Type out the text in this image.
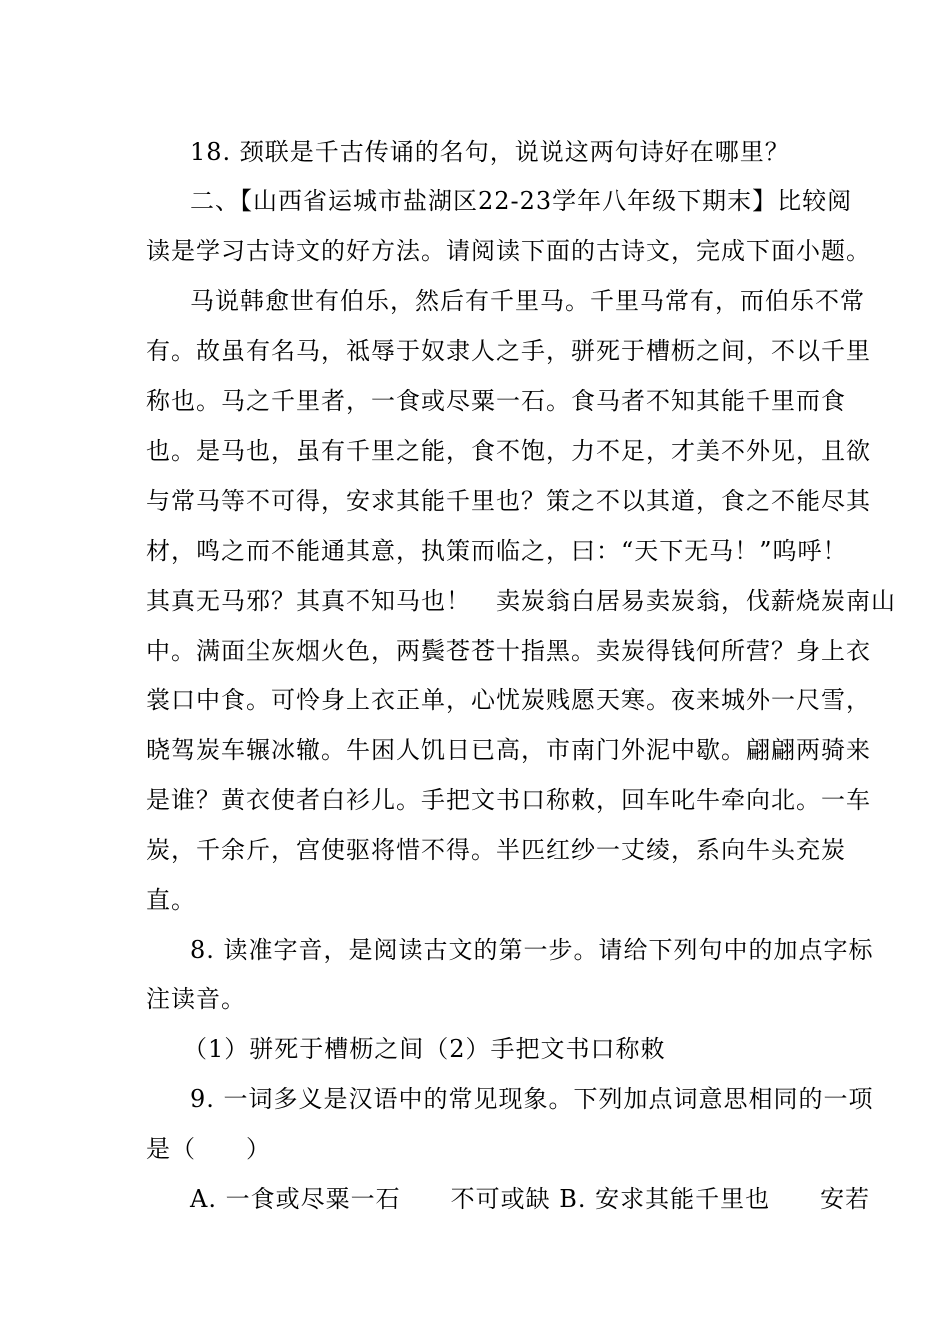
18. 颈联是千古传诵的名句，说说这两句诗好在哪里？
二、【山西省运城市盐湖区22-23学年八年级下期末】比较阅
读是学习古诗文的好方法。请阅读下面的古诗文，完成下面小题。
马说韩愈世有伯乐，然后有千里马。千里马常有，而伯乐不常
有。故虽有名马，祗辱于奴隶人之手，骈死于槽枥之间，不以千里
称也。马之千里者，一食或尽粟一石。食马者不知其能千里而食
也。是马也，虽有千里之能，食不饱，力不足，才美不外见，且欲
与常马等不可得，安求其能千里也？策之不以其道，食之不能尽其
材，鸣之而不能通其意，执策而临之，曰：“天下无马！”呜呼！
其真无马邪？其真不知马也！　卖炭翁白居易卖炭翁，伐薪烧炭南山
中。满面尘灰烟火色，两鬓苍苍十指黑。卖炭得钱何所营？身上衣
裳口中食。可怜身上衣正单，心忧炭贱愿天寒。夜来城外一尺雪，
晓驾炭车辗冰辙。牛困人饥日已高，市南门外泥中歇。翩翩两骑来
是谁？黄衣使者白衫儿。手把文书口称敕，回车叱牛牵向北。一车
炭，千余斤，宫使驱将惜不得。半匹红纱一丈绫，系向牛头充炭
直。
8. 读准字音，是阅读古文的第一步。请给下列句中的加点字标
注读音。
（1）骈死于槽枥之间（2）手把文书口称敕
9. 一词多义是汉语中的常见现象。下列加点词意思相同的一项
是（　　）
A. 一食或尽粟一石　　不可或缺 B. 安求其能千里也　　安若
